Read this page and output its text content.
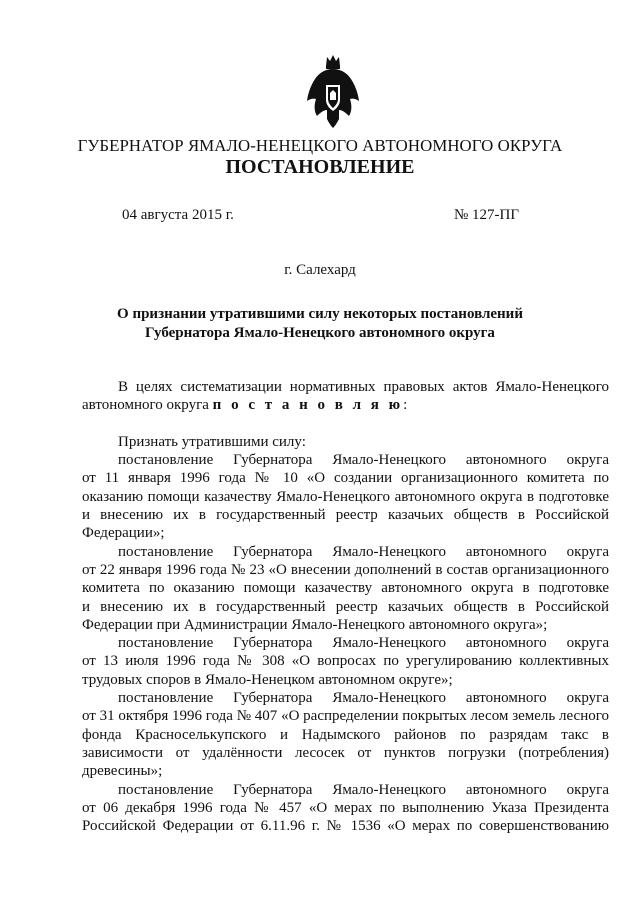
ГУБЕРНАТОР ЯМАЛО-НЕНЕЦКОГО АВТОНОМНОГО ОКРУГА
ПОСТАНОВЛЕНИЕ
04 августа 2015 г.	№ 127-ПГ
г. Салехард
О признании утратившими силу некоторых постановлений
Губернатора Ямало-Ненецкого автономного округа
В целях систематизации нормативных правовых актов Ямало-Ненецкого
автономного округа п о с т а н о в л я ю:
Признать утратившими силу:
постановление Губернатора Ямало-Ненецкого автономного округа
от 11 января 1996 года № 10 «О создании организационного комитета по
оказанию помощи казачеству Ямало-Ненецкого автономного округа в подготовке
и внесению их в государственный реестр казачьих обществ в Российской
Федерации»;
постановление Губернатора Ямало-Ненецкого автономного округа
от 22 января 1996 года № 23 «О внесении дополнений в состав организационного
комитета по оказанию помощи казачеству автономного округа в подготовке
и внесению их в государственный реестр казачьих обществ в Российской
Федерации при Администрации Ямало-Ненецкого автономного округа»;
постановление Губернатора Ямало-Ненецкого автономного округа
от 13 июля 1996 года № 308 «О вопросах по урегулированию коллективных
трудовых споров в Ямало-Ненецком автономном округе»;
постановление Губернатора Ямало-Ненецкого автономного округа
от 31 октября 1996 года № 407 «О распределении покрытых лесом земель лесного
фонда Красноселькупского и Надымского районов по разрядам такс в
зависимости от удалённости лесосек от пунктов погрузки (потребления)
древесины»;
постановление Губернатора Ямало-Ненецкого автономного округа
от 06 декабря 1996 года № 457 «О мерах по выполнению Указа Президента
Российской Федерации от 6.11.96 г. № 1536 «О мерах по совершенствованию
